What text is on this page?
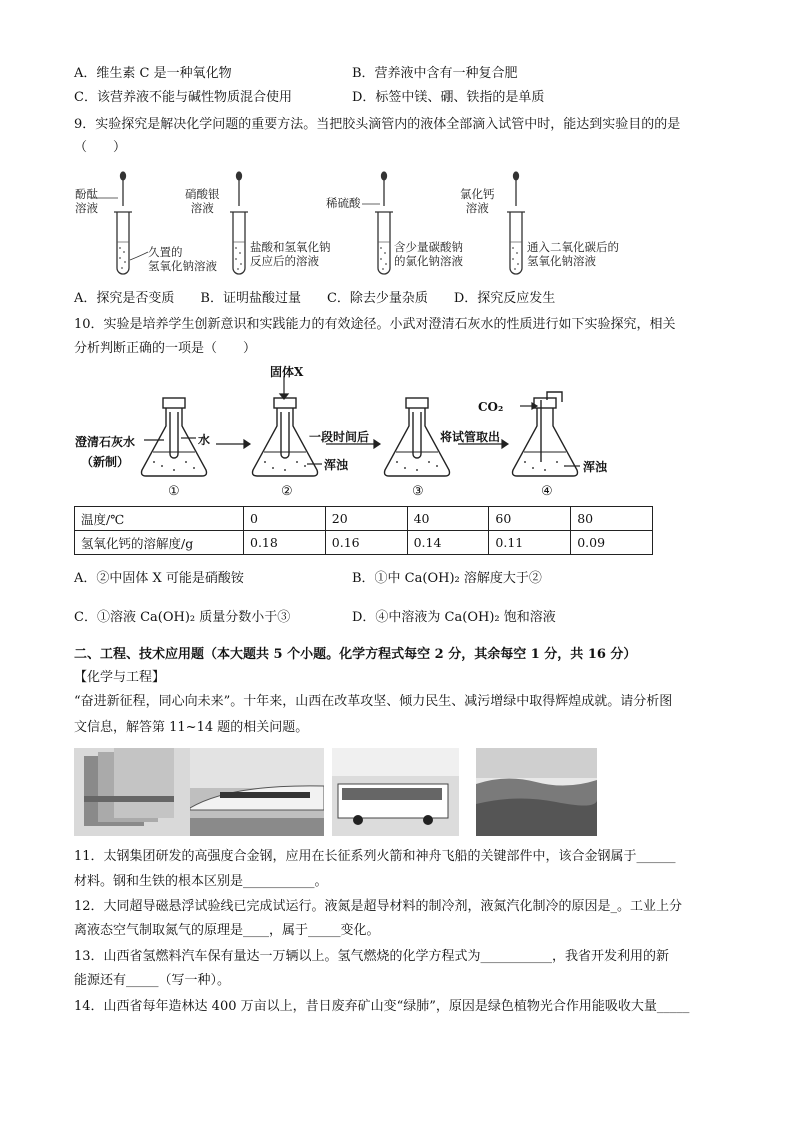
A．维生素 C 是一种氧化物	B．营养液中含有一种复合肥
C．该营养液不能与碱性物质混合使用	D．标签中镁、硼、铁指的是单质
9．实验探究是解决化学问题的重要方法。当把胶头滴管内的液体全部滴入试管中时，能达到实验目的的是
（　　）
酚酞
溶液
久置的
氢氧化钠溶液
硝酸银
溶液
盐酸和氢氧化钠
反应后的溶液
稀硫酸
含少量碳酸钠
的氯化钠溶液
氯化钙
溶液
通入二氧化碳后的
氢氧化钠溶液
A．探究是否变质　　B．证明盐酸过量　　C．除去少量杂质　　D．探究反应发生
10．实验是培养学生创新意识和实践能力的有效途径。小武对澄清石灰水的性质进行如下实验探究，相关
分析判断正确的一项是（　　）
固体X
澄清石灰水
（新制）
水	一段时间后
浑浊
将试管取出
CO₂
浑浊
①	②	③	④
温度/℃	0	20	40	60	80
氢氧化钙的溶解度/g	0.18	0.16	0.14	0.11	0.09
A．②中固体 X 可能是硝酸铵	B．①中 Ca(OH)₂ 溶解度大于②
C．①溶液 Ca(OH)₂ 质量分数小于③	D．④中溶液为 Ca(OH)₂ 饱和溶液
二、工程、技术应用题（本大题共 5 个小题。化学方程式每空 2 分，其余每空 1 分，共 16 分）
【化学与工程】
“奋进新征程，同心向未来”。十年来，山西在改革攻坚、倾力民生、减污增绿中取得辉煌成就。请分析图
文信息，解答第 11~14 题的相关问题。
11．太钢集团研发的高强度合金钢，应用在长征系列火箭和神舟飞船的关键部件中，该合金钢属于______
材料。钢和生铁的根本区别是___________。
12．大同超导磁悬浮试验线已完成试运行。液氮是超导材料的制冷剂，液氮汽化制冷的原因是_。工业上分
离液态空气制取氮气的原理是____，属于_____变化。
13．山西省氢燃料汽车保有量达一万辆以上。氢气燃烧的化学方程式为___________，我省开发利用的新
能源还有_____（写一种）。
14．山西省每年造林达 400 万亩以上，昔日废弃矿山变“绿肺”，原因是绿色植物光合作用能吸收大量_____
